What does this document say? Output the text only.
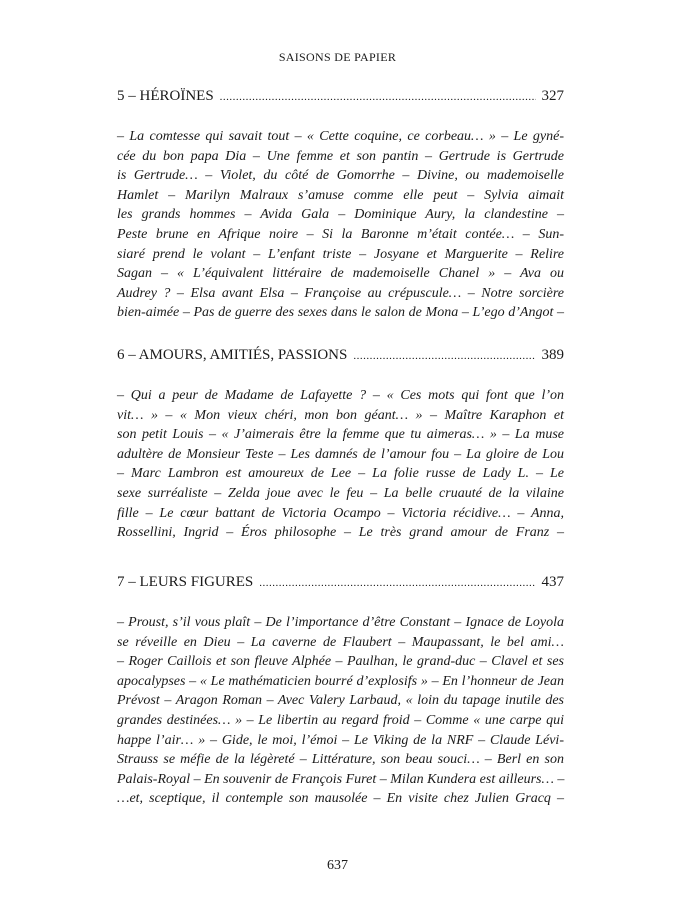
SAISONS DE PAPIER
5 – HÉROÏNES .....	327
– La comtesse qui savait tout – « Cette coquine, ce corbeau… » – Le gyné-
cée du bon papa Dia – Une femme et son pantin – Gertrude is Gertrude
is Gertrude… – Violet, du côté de Gomorrhe – Divine, ou mademoiselle
Hamlet – Marilyn Malraux s’amuse comme elle peut – Sylvia aimait
les grands hommes – Avida Gala – Dominique Aury, la clandestine –
Peste brune en Afrique noire – Si la Baronne m’était contée… – Sun-
siaré prend le volant – L’enfant triste – Josyane et Marguerite – Relire
Sagan – « L’équivalent littéraire de mademoiselle Chanel » – Ava ou
Audrey ? – Elsa avant Elsa – Françoise au crépuscule… – Notre sorcière
bien-aimée – Pas de guerre des sexes dans le salon de Mona – L’ego d’Angot –
6 – AMOURS, AMITIÉS, PASSIONS .....	389
– Qui a peur de Madame de Lafayette ? – « Ces mots qui font que l’on
vit… » – « Mon vieux chéri, mon bon géant… » – Maître Karaphon et
son petit Louis – « J’aimerais être la femme que tu aimeras… » – La muse
adultère de Monsieur Teste – Les damnés de l’amour fou – La gloire de Lou
– Marc Lambron est amoureux de Lee – La folie russe de Lady L. – Le
sexe surréaliste – Zelda joue avec le feu – La belle cruauté de la vilaine
fille – Le cœur battant de Victoria Ocampo – Victoria récidive… – Anna,
Rossellini, Ingrid – Éros philosophe – Le très grand amour de Franz –
7 – LEURS FIGURES .....	437
– Proust, s’il vous plaît – De l’importance d’être Constant – Ignace de Loyola
se réveille en Dieu – La caverne de Flaubert – Maupassant, le bel ami…
– Roger Caillois et son fleuve Alphée – Paulhan, le grand-duc – Clavel et ses
apocalypses – « Le mathématicien bourré d’explosifs » – En l’honneur de Jean
Prévost – Aragon Roman – Avec Valery Larbaud, « loin du tapage inutile des
grandes destinées… » – Le libertin au regard froid – Comme « une carpe qui
happe l’air… » – Gide, le moi, l’émoi – Le Viking de la NRF – Claude Lévi-
Strauss se méfie de la légèreté – Littérature, son beau souci… – Berl en son
Palais-Royal – En souvenir de François Furet – Milan Kundera est ailleurs… –
…et, sceptique, il contemple son mausolée – En visite chez Julien Gracq –
637
